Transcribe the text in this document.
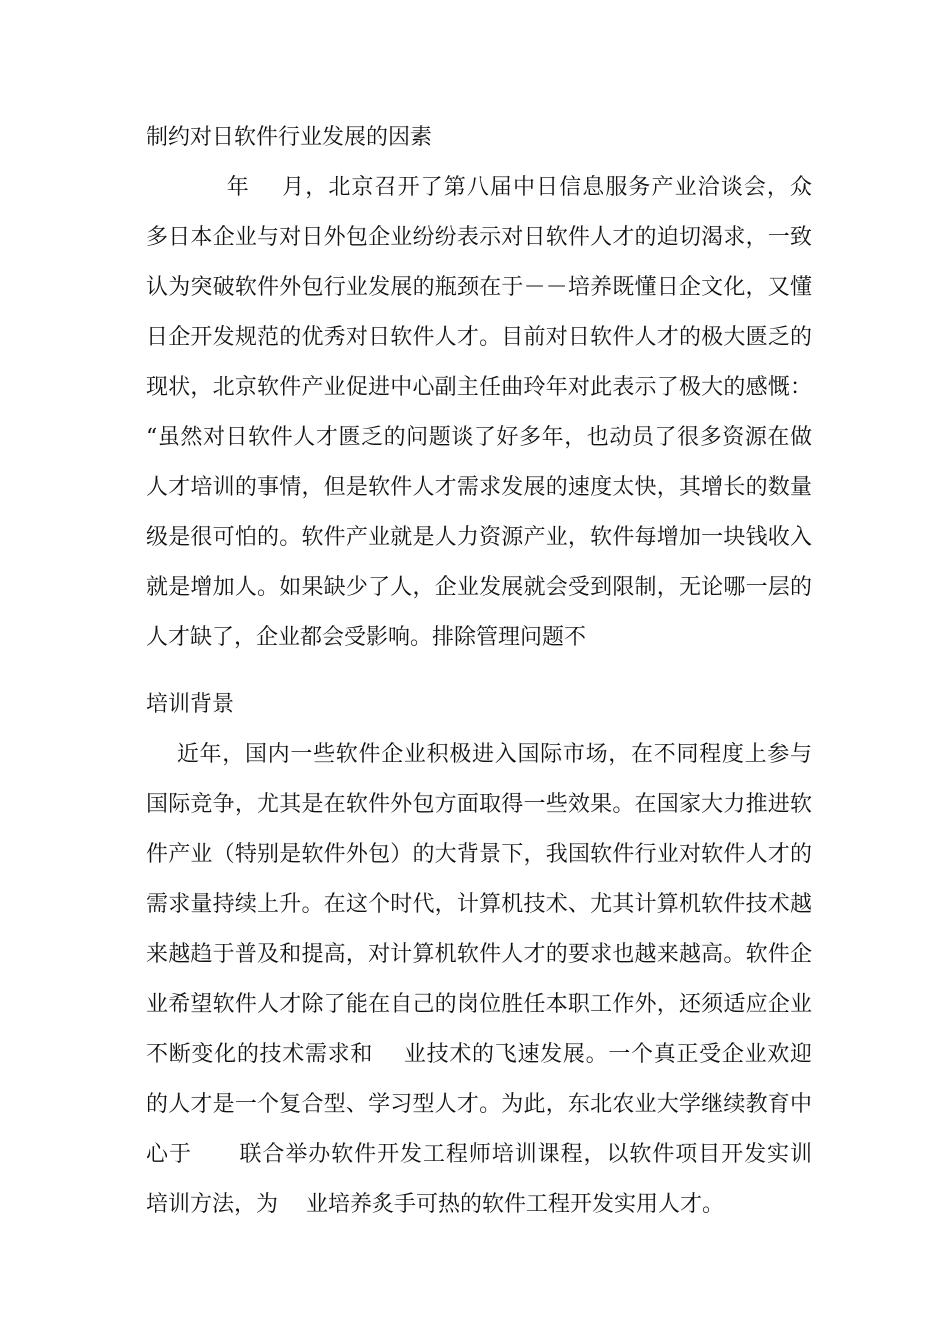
制约对日软件行业发展的因素
年    月，北京召开了第八届中日信息服务产业洽谈会，众
多日本企业与对日外包企业纷纷表示对日软件人才的迫切渴求，一致
认为突破软件外包行业发展的瓶颈在于－－培养既懂日企文化，又懂
日企开发规范的优秀对日软件人才。目前对日软件人才的极大匮乏的
现状，北京软件产业促进中心副主任曲玲年对此表示了极大的感慨：
“虽然对日软件人才匮乏的问题谈了好多年，也动员了很多资源在做
人才培训的事情，但是软件人才需求发展的速度太快，其增长的数量
级是很可怕的。软件产业就是人力资源产业，软件每增加一块钱收入
就是增加人。如果缺少了人，企业发展就会受到限制，无论哪一层的
人才缺了，企业都会受影响。排除管理问题不
培训背景
近年，国内一些软件企业积极进入国际市场，在不同程度上参与
国际竞争，尤其是在软件外包方面取得一些效果。在国家大力推进软
件产业（特别是软件外包）的大背景下，我国软件行业对软件人才的
需求量持续上升。在这个时代，计算机技术、尤其计算机软件技术越
来越趋于普及和提高，对计算机软件人才的要求也越来越高。软件企
业希望软件人才除了能在自己的岗位胜任本职工作外，还须适应企业
不断变化的技术需求和    业技术的飞速发展。一个真正受企业欢迎
的人才是一个复合型、学习型人才。为此，东北农业大学继续教育中
心于      联合举办软件开发工程师培训课程，以软件项目开发实训
培训方法，为    业培养炙手可热的软件工程开发实用人才。
